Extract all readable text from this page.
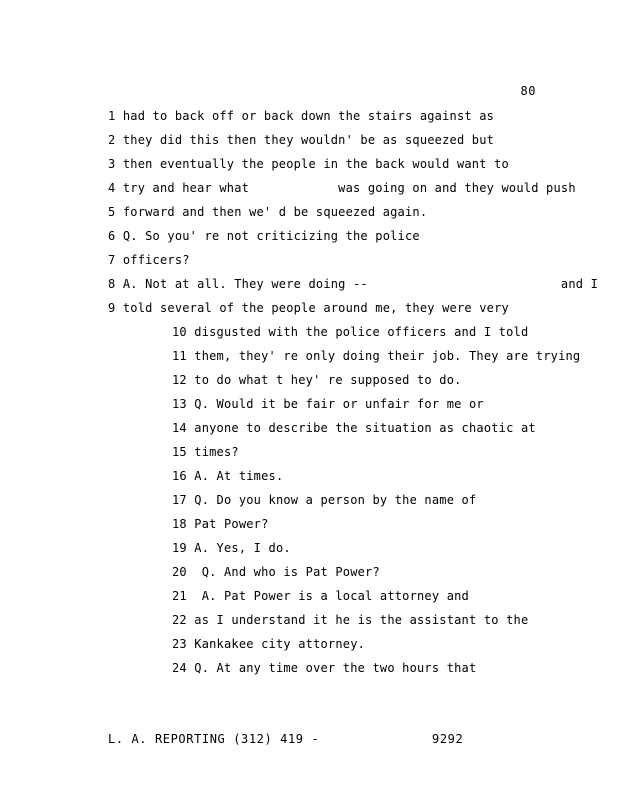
80
1 had to back off or back down the stairs against as
2 they did this then they wouldn' be as squeezed but
3 then eventually the people in the back would want to
4 try and hear what            was going on and they would push
5 forward and then we' d be squeezed again.
6 Q. So you' re not criticizing the police
7 officers?
8 A. Not at all. They were doing --                          and I
9 told several of the people around me, they were very
10 disgusted with the police officers and I told
11 them, they' re only doing their job. They are trying
12 to do what t hey' re supposed to do.
13 Q. Would it be fair or unfair for me or
14 anyone to describe the situation as chaotic at
15 times?
16 A. At times.
17 Q. Do you know a person by the name of
18 Pat Power?
19 A. Yes, I do.
20  Q. And who is Pat Power?
21  A. Pat Power is a local attorney and
22 as I understand it he is the assistant to the
23 Kankakee city attorney.
24 Q. At any time over the two hours that
L. A. REPORTING (312) 419 -	9292
